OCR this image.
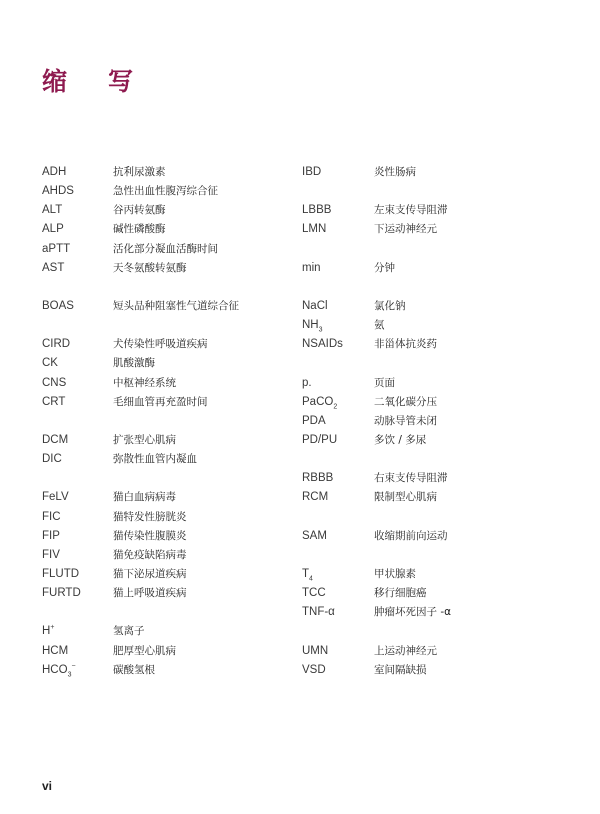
缩　写
ADH	抗利尿激素
AHDS	急性出血性腹泻综合征
ALT	谷丙转氨酶
ALP	碱性磷酸酶
aPTT	活化部分凝血活酶时间
AST	天冬氨酸转氨酶
BOAS	短头品种阻塞性气道综合征
CIRD	犬传染性呼吸道疾病
CK	肌酸激酶
CNS	中枢神经系统
CRT	毛细血管再充盈时间
DCM	扩张型心肌病
DIC	弥散性血管内凝血
FeLV	猫白血病病毒
FIC	猫特发性膀胱炎
FIP	猫传染性腹膜炎
FIV	猫免疫缺陷病毒
FLUTD	猫下泌尿道疾病
FURTD	猫上呼吸道疾病
H+	氢离子
HCM	肥厚型心肌病
$HCO_3^-$	碳酸氢根
IBD	炎性肠病
LBBB	左束支传导阻滞
LMN	下运动神经元
min	分钟
NaCl	氯化钠
$NH_3$	氨
NSAIDs	非甾体抗炎药
p.	页面
PaCO$_2$	二氧化碳分压
PDA	动脉导管未闭
PD/PU	多饮 / 多尿
RBBB	右束支传导阻滞
RCM	限制型心肌病
SAM	收缩期前向运动
$T_4$	甲状腺素
TCC	移行细胞癌
TNF-α	肿瘤坏死因子 -α
UMN	上运动神经元
VSD	室间隔缺损
vi
